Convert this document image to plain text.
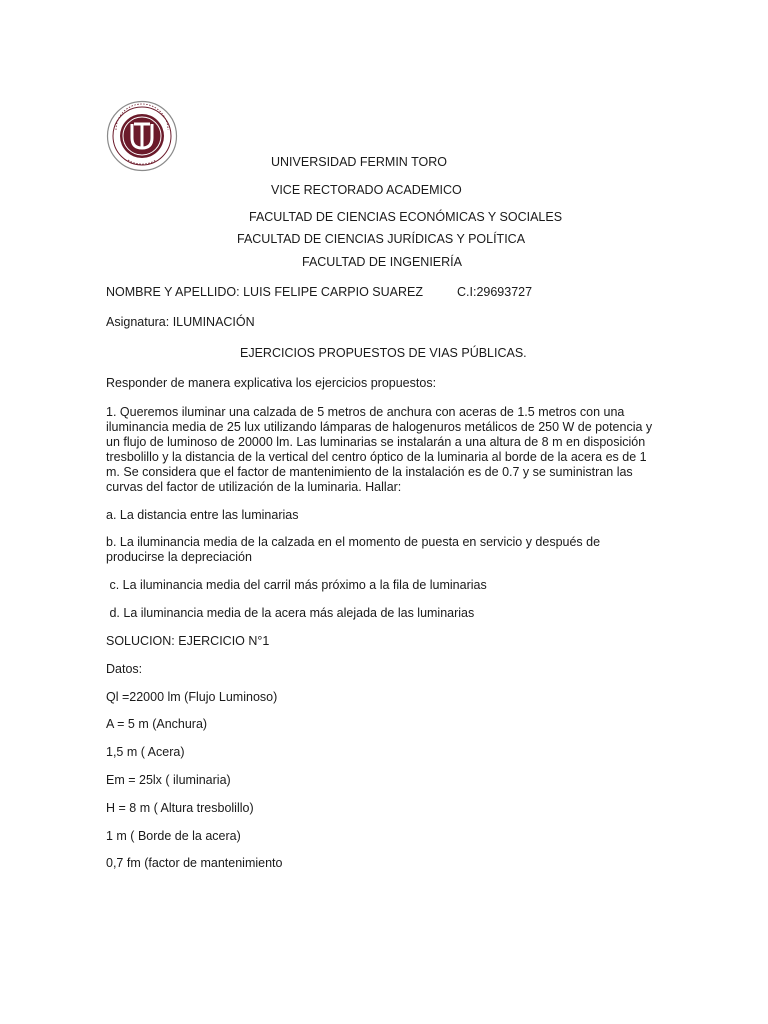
UNIVERSIDAD FERMIN TORO
VICE RECTORADO ACADEMICO
FACULTAD DE CIENCIAS ECONÓMICAS Y SOCIALES
FACULTAD DE CIENCIAS JURÍDICAS Y POLÍTICA
FACULTAD DE INGENIERÍA
NOMBRE Y APELLIDO: LUIS FELIPE CARPIO SUAREZ	C.I:29693727
Asignatura: ILUMINACIÓN
EJERCICIOS PROPUESTOS DE VIAS PÚBLICAS.
Responder de manera explicativa los ejercicios propuestos:
1. Queremos iluminar una calzada de 5 metros de anchura con aceras de 1.5 metros con una iluminancia media de 25 lux utilizando lámparas de halogenuros metálicos de 250 W de potencia y un flujo de luminoso de 20000 lm. Las luminarias se instalarán a una altura de 8 m en disposición tresbolillo y la distancia de la vertical del centro óptico de la luminaria al borde de la acera es de 1 m. Se considera que el factor de mantenimiento de la instalación es de 0.7 y se suministran las curvas del factor de utilización de la luminaria. Hallar:
a. La distancia entre las luminarias
b. La iluminancia media de la calzada en el momento de puesta en servicio y después de producirse la depreciación
c. La iluminancia media del carril más próximo a la fila de luminarias
d. La iluminancia media de la acera más alejada de las luminarias
SOLUCION: EJERCICIO N°1
Datos:
Ql =22000 lm (Flujo Luminoso)
A = 5 m (Anchura)
1,5 m ( Acera)
Em = 25lx ( iluminaria)
H = 8 m ( Altura tresbolillo)
1 m ( Borde de la acera)
0,7 fm (factor de mantenimiento
